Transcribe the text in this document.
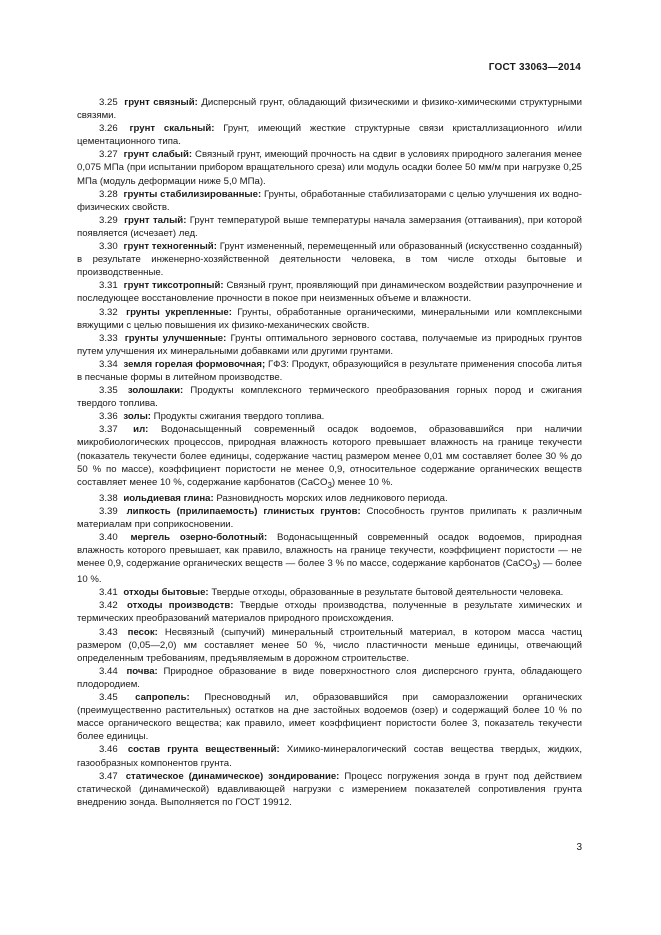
ГОСТ 33063—2014

3.25 грунт связный: Дисперсный грунт, обладающий физическими и физико-химическими структурными связями.

3.26 грунт скальный: Грунт, имеющий жесткие структурные связи кристаллизационного и/или цементационного типа.

3.27 грунт слабый: Связный грунт, имеющий прочность на сдвиг в условиях природного залегания менее 0,075 МПа (при испытании прибором вращательного среза) или модуль осадки более 50 мм/м при нагрузке 0,25 МПа (модуль деформации ниже 5,0 МПа).

3.28 грунты стабилизированные: Грунты, обработанные стабилизаторами с целью улучшения их водно-физических свойств.

3.29 грунт талый: Грунт температурой выше температуры начала замерзания (оттаивания), при которой появляется (исчезает) лед.

3.30 грунт техногенный: Грунт измененный, перемещенный или образованный (искусственно созданный) в результате инженерно-хозяйственной деятельности человека, в том числе отходы бытовые и производственные.

3.31 грунт тиксотропный: Связный грунт, проявляющий при динамическом воздействии разупрочнение и последующее восстановление прочности в покое при неизменных объеме и влажности.

3.32 грунты укрепленные: Грунты, обработанные органическими, минеральными или комплексными вяжущими с целью повышения их физико-механических свойств.

3.33 грунты улучшенные: Грунты оптимального зернового состава, получаемые из природных грунтов путем улучшения их минеральными добавками или другими грунтами.

3.34 земля горелая формовочная; ГФЗ: Продукт, образующийся в результате применения способа литья в песчаные формы в литейном производстве.

3.35 золошлаки: Продукты комплексного термического преобразования горных пород и сжигания твердого топлива.

3.36 золы: Продукты сжигания твердого топлива.

3.37 ил: Водонасыщенный современный осадок водоемов, образовавшийся при наличии микробиологических процессов, природная влажность которого превышает влажность на границе текучести (показатель текучести более единицы, содержание частиц размером менее 0,01 мм составляет более 30 % до 50 % по массе), коэффициент пористости не менее 0,9, относительное содержание органических веществ составляет менее 10 %, содержание карбонатов (CaCO$_3$) менее 10 %.

3.38 иольдиевая глина: Разновидность морских илов ледникового периода.

3.39 липкость (прилипаемость) глинистых грунтов: Способность грунтов прилипать к различным материалам при соприкосновении.

3.40 мергель озерно-болотный: Водонасыщенный современный осадок водоемов, природная влажность которого превышает, как правило, влажность на границе текучести, коэффициент пористости — не менее 0,9, содержание органических веществ — более 3 % по массе, содержание карбонатов (CaCO$_3$) — более 10 %.

3.41 отходы бытовые: Твердые отходы, образованные в результате бытовой деятельности человека.

3.42 отходы производств: Твердые отходы производства, полученные в результате химических и термических преобразований материалов природного происхождения.

3.43 песок: Несвязный (сыпучий) минеральный строительный материал, в котором масса частиц размером (0,05—2,0) мм составляет менее 50 %, число пластичности меньше единицы, отвечающий определенным требованиям, предъявляемым в дорожном строительстве.

3.44 почва: Природное образование в виде поверхностного слоя дисперсного грунта, обладающего плодородием.

3.45 сапропель: Пресноводный ил, образовавшийся при саморазложении органических (преимущественно растительных) остатков на дне застойных водоемов (озер) и содержащий более 10 % по массе органического вещества; как правило, имеет коэффициент пористости более 3, показатель текучести более единицы.

3.46 состав грунта вещественный: Химико-минералогический состав вещества твердых, жидких, газообразных компонентов грунта.

3.47 статическое (динамическое) зондирование: Процесс погружения зонда в грунт под действием статической (динамической) вдавливающей нагрузки с измерением показателей сопротивления грунта внедрению зонда. Выполняется по ГОСТ 19912.

3
